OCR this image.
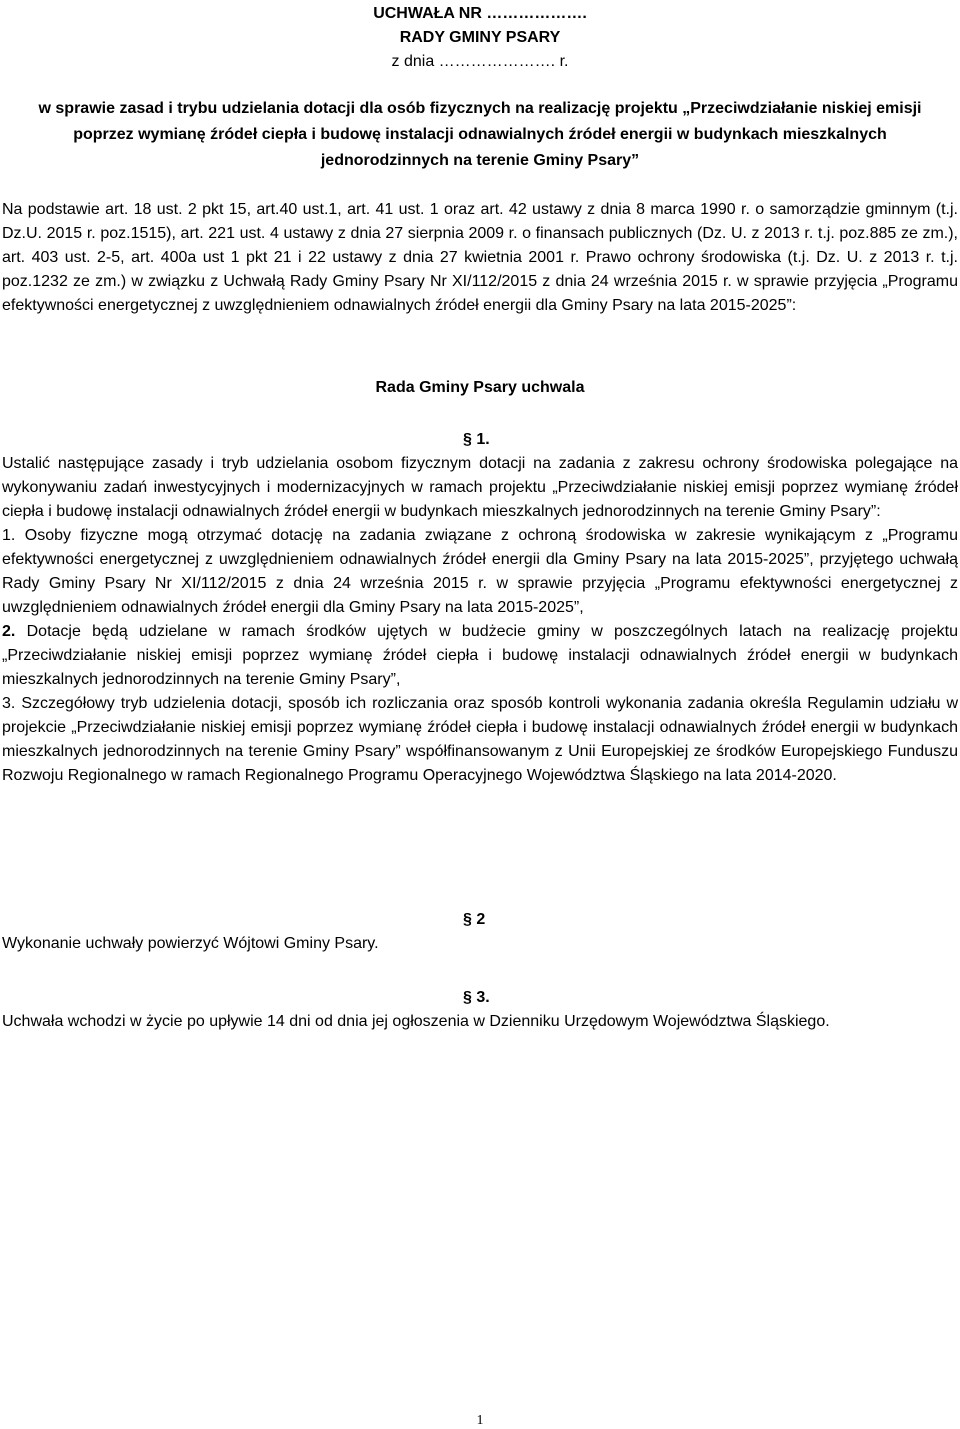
UCHWAŁA NR ……………….
RADY GMINY PSARY
z dnia …………………. r.
w sprawie zasad i trybu udzielania dotacji dla osób fizycznych na realizację projektu „Przeciwdziałanie niskiej emisji poprzez wymianę źródeł ciepła i budowę instalacji odnawialnych źródeł energii w budynkach mieszkalnych jednorodzinnych na terenie Gminy Psary”
Na podstawie art. 18 ust. 2 pkt 15, art.40 ust.1, art. 41 ust. 1 oraz art. 42 ustawy z dnia 8 marca 1990 r. o samorządzie gminnym (t.j. Dz.U. 2015 r. poz.1515), art. 221 ust. 4 ustawy z dnia 27 sierpnia 2009 r. o finansach publicznych (Dz. U. z 2013 r. t.j. poz.885 ze zm.), art. 403 ust. 2-5, art. 400a ust 1 pkt 21 i 22 ustawy z dnia 27 kwietnia 2001 r. Prawo ochrony środowiska (t.j. Dz. U. z 2013 r. t.j. poz.1232 ze zm.) w związku z Uchwałą Rady Gminy Psary Nr XI/112/2015 z dnia 24 września 2015 r. w sprawie przyjęcia „Programu efektywności energetycznej z uwzględnieniem odnawialnych źródeł energii dla Gminy Psary na lata 2015-2025”:
Rada Gminy Psary uchwala
§ 1.

Ustalić następujące zasady i tryb udzielania osobom fizycznym dotacji na zadania z zakresu ochrony środowiska polegające na wykonywaniu zadań inwestycyjnych i modernizacyjnych w ramach projektu „Przeciwdziałanie niskiej emisji poprzez wymianę źródeł ciepła i budowę instalacji odnawialnych źródeł energii w budynkach mieszkalnych jednorodzinnych na terenie Gminy Psary”:

1. Osoby fizyczne mogą otrzymać dotację na zadania związane z ochroną środowiska w zakresie wynikającym z „Programu efektywności energetycznej z uwzględnieniem odnawialnych źródeł energii dla Gminy Psary na lata 2015-2025”, przyjętego uchwałą Rady Gminy Psary Nr XI/112/2015 z dnia 24 września 2015 r. w sprawie przyjęcia „Programu efektywności energetycznej z uwzględnieniem odnawialnych źródeł energii dla Gminy Psary na lata 2015-2025”,

2. Dotacje będą udzielane w ramach środków ujętych w budżecie gminy w poszczególnych latach na realizację projektu „Przeciwdziałanie niskiej emisji poprzez wymianę źródeł ciepła i budowę instalacji odnawialnych źródeł energii w budynkach mieszkalnych jednorodzinnych na terenie Gminy Psary”,

3. Szczegółowy tryb udzielenia dotacji, sposób ich rozliczania oraz sposób kontroli wykonania zadania określa Regulamin udziału w projekcie „Przeciwdziałanie niskiej emisji poprzez wymianę źródeł ciepła i budowę instalacji odnawialnych źródeł energii w budynkach mieszkalnych jednorodzinnych na terenie Gminy Psary” współfinansowanym z Unii Europejskiej ze środków Europejskiego Funduszu Rozwoju Regionalnego w ramach Regionalnego Programu Operacyjnego Województwa Śląskiego na lata 2014-2020.

§ 2
Wykonanie uchwały powierzyć Wójtowi Gminy Psary.
§ 3.
Uchwała wchodzi w życie po upływie 14 dni od dnia jej ogłoszenia w Dzienniku Urzędowym Województwa Śląskiego.
1
